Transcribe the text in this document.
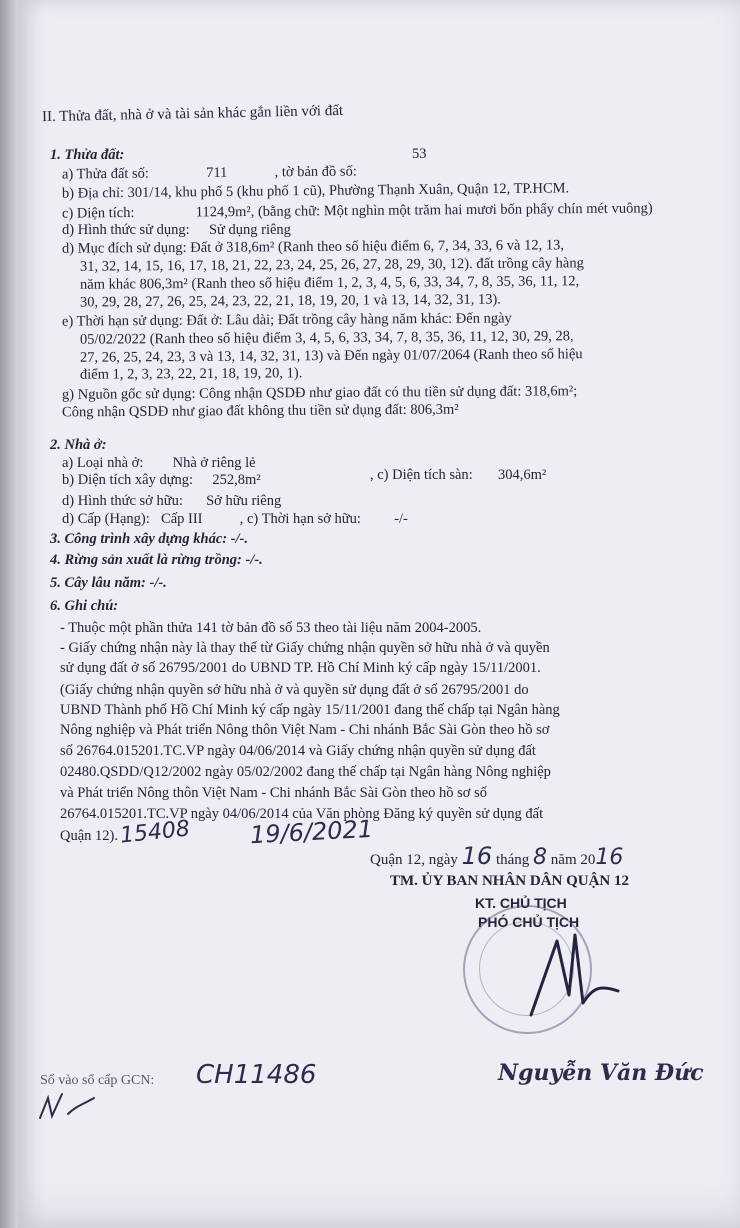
II. Thửa đất, nhà ở và tài sản khác gắn liền với đất
1. Thửa đất:
a) Thửa đất số:	711	, tờ bản đồ số:
53
b) Địa chỉ: 301/14, khu phố 5 (khu phố 1 cũ), Phường Thạnh Xuân, Quận 12, TP.HCM.
c) Diện tích:	1124,9m², (bằng chữ: Một nghìn một trăm hai mươi bốn phẩy chín mét vuông)
d) Hình thức sử dụng: Sử dụng riêng
d) Mục đích sử dụng: Đất ở 318,6m² (Ranh theo số hiệu điểm 6, 7, 34, 33, 6 và 12, 13,
31, 32, 14, 15, 16, 17, 18, 21, 22, 23, 24, 25, 26, 27, 28, 29, 30, 12). đất trồng cây hàng
năm khác 806,3m² (Ranh theo số hiệu điểm 1, 2, 3, 4, 5, 6, 33, 34, 7, 8, 35, 36, 11, 12,
30, 29, 28, 27, 26, 25, 24, 23, 22, 21, 18, 19, 20, 1 và 13, 14, 32, 31, 13).
e) Thời hạn sử dụng: Đất ở: Lâu dài; Đất trồng cây hàng năm khác: Đến ngày
05/02/2022 (Ranh theo số hiệu điểm 3, 4, 5, 6, 33, 34, 7, 8, 35, 36, 11, 12, 30, 29, 28,
27, 26, 25, 24, 23, 3 và 13, 14, 32, 31, 13) và Đến ngày 01/07/2064 (Ranh theo số hiệu
điểm 1, 2, 3, 23, 22, 21, 18, 19, 20, 1).
g) Nguồn gốc sử dụng: Công nhận QSDĐ như giao đất có thu tiền sử dụng đất: 318,6m²;
Công nhận QSDĐ như giao đất không thu tiền sử dụng đất: 806,3m²
2. Nhà ở:
a) Loại nhà ở: Nhà ở riêng lẻ
b) Diện tích xây dựng: 252,8m²	, c) Diện tích sàn: 304,6m²
d) Hình thức sở hữu: Sở hữu riêng
d) Cấp (Hạng): Cấp III	, c) Thời hạn sở hữu: -/-
3. Công trình xây dựng khác: -/-.
4. Rừng sản xuất là rừng trồng: -/-.
5. Cây lâu năm: -/-.
6. Ghi chú:
- Thuộc một phần thửa 141 tờ bản đồ số 53 theo tài liệu năm 2004-2005.
- Giấy chứng nhận này là thay thế từ Giấy chứng nhận quyền sở hữu nhà ở và quyền
sử dụng đất ở số 26795/2001 do UBND TP. Hồ Chí Minh ký cấp ngày 15/11/2001.
(Giấy chứng nhận quyền sở hữu nhà ở và quyền sử dụng đất ở số 26795/2001 do
UBND Thành phố Hồ Chí Minh ký cấp ngày 15/11/2001 đang thế chấp tại Ngân hàng
Nông nghiệp và Phát triển Nông thôn Việt Nam - Chi nhánh Bắc Sài Gòn theo hồ sơ
số 26764.015201.TC.VP ngày 04/06/2014 và Giấy chứng nhận quyền sử dụng đất
02480.QSDD/Q12/2002 ngày 05/02/2002 đang thế chấp tại Ngân hàng Nông nghiệp
và Phát triển Nông thôn Việt Nam - Chi nhánh Bắc Sài Gòn theo hồ sơ số
26764.015201.TC.VP ngày 04/06/2014 của Văn phòng Đăng ký quyền sử dụng đất
Quận 12). 15408 19/6/2021
Quận 12, ngày 16 tháng 8 năm 2016
TM. ỦY BAN NHÂN DÂN QUẬN 12
KT. CHỦ TỊCH
PHÓ CHỦ TỊCH
Nguyễn Văn Đức
Số vào sổ cấp GCN: CH11486
